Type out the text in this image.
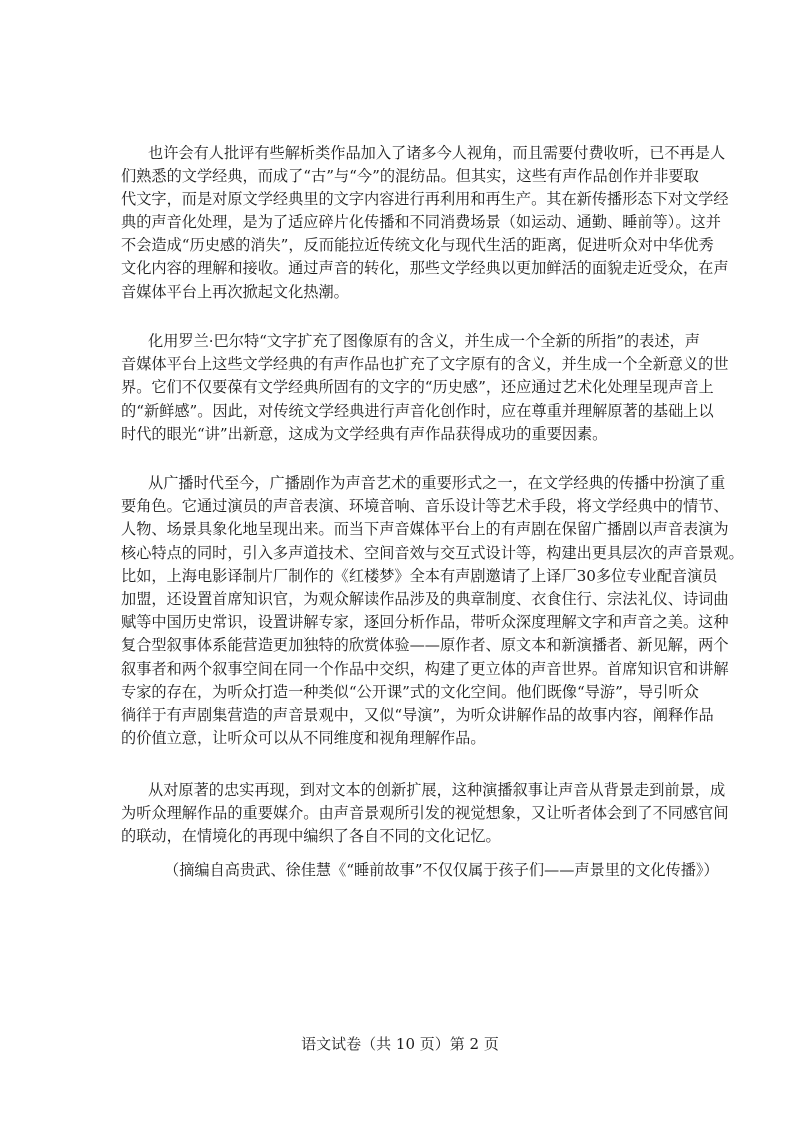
也许会有人批评有些解析类作品加入了诸多今人视角，而且需要付费收听，已不再是人
们熟悉的文学经典，而成了“古”与“今”的混纺品。但其实，这些有声作品创作并非要取
代文字，而是对原文学经典里的文字内容进行再利用和再生产。其在新传播形态下对文学经
典的声音化处理，是为了适应碎片化传播和不同消费场景（如运动、通勤、睡前等）。这并
不会造成“历史感的消失”，反而能拉近传统文化与现代生活的距离，促进听众对中华优秀
文化内容的理解和接收。通过声音的转化，那些文学经典以更加鲜活的面貌走近受众，在声
音媒体平台上再次掀起文化热潮。
化用罗兰·巴尔特“文字扩充了图像原有的含义，并生成一个全新的所指”的表述，声
音媒体平台上这些文学经典的有声作品也扩充了文字原有的含义，并生成一个全新意义的世
界。它们不仅要葆有文学经典所固有的文字的“历史感”，还应通过艺术化处理呈现声音上
的“新鲜感”。因此，对传统文学经典进行声音化创作时，应在尊重并理解原著的基础上以
时代的眼光“讲”出新意，这成为文学经典有声作品获得成功的重要因素。
从广播时代至今，广播剧作为声音艺术的重要形式之一，在文学经典的传播中扮演了重
要角色。它通过演员的声音表演、环境音响、音乐设计等艺术手段，将文学经典中的情节、
人物、场景具象化地呈现出来。而当下声音媒体平台上的有声剧在保留广播剧以声音表演为
核心特点的同时，引入多声道技术、空间音效与交互式设计等，构建出更具层次的声音景观。
比如，上海电影译制片厂制作的《红楼梦》全本有声剧邀请了上译厂30多位专业配音演员
加盟，还设置首席知识官，为观众解读作品涉及的典章制度、衣食住行、宗法礼仪、诗词曲
赋等中国历史常识，设置讲解专家，逐回分析作品，带听众深度理解文字和声音之美。这种
复合型叙事体系能营造更加独特的欣赏体验——原作者、原文本和新演播者、新见解，两个
叙事者和两个叙事空间在同一个作品中交织，构建了更立体的声音世界。首席知识官和讲解
专家的存在，为听众打造一种类似“公开课”式的文化空间。他们既像“导游”，导引听众
徜徉于有声剧集营造的声音景观中，又似“导演”，为听众讲解作品的故事内容，阐释作品
的价值立意，让听众可以从不同维度和视角理解作品。
从对原著的忠实再现，到对文本的创新扩展，这种演播叙事让声音从背景走到前景，成
为听众理解作品的重要媒介。由声音景观所引发的视觉想象，又让听者体会到了不同感官间
的联动，在情境化的再现中编织了各自不同的文化记忆。
（摘编自高贵武、徐佳慧《“睡前故事”不仅仅属于孩子们——声景里的文化传播》）
语文试卷（共 10 页）第 2 页
